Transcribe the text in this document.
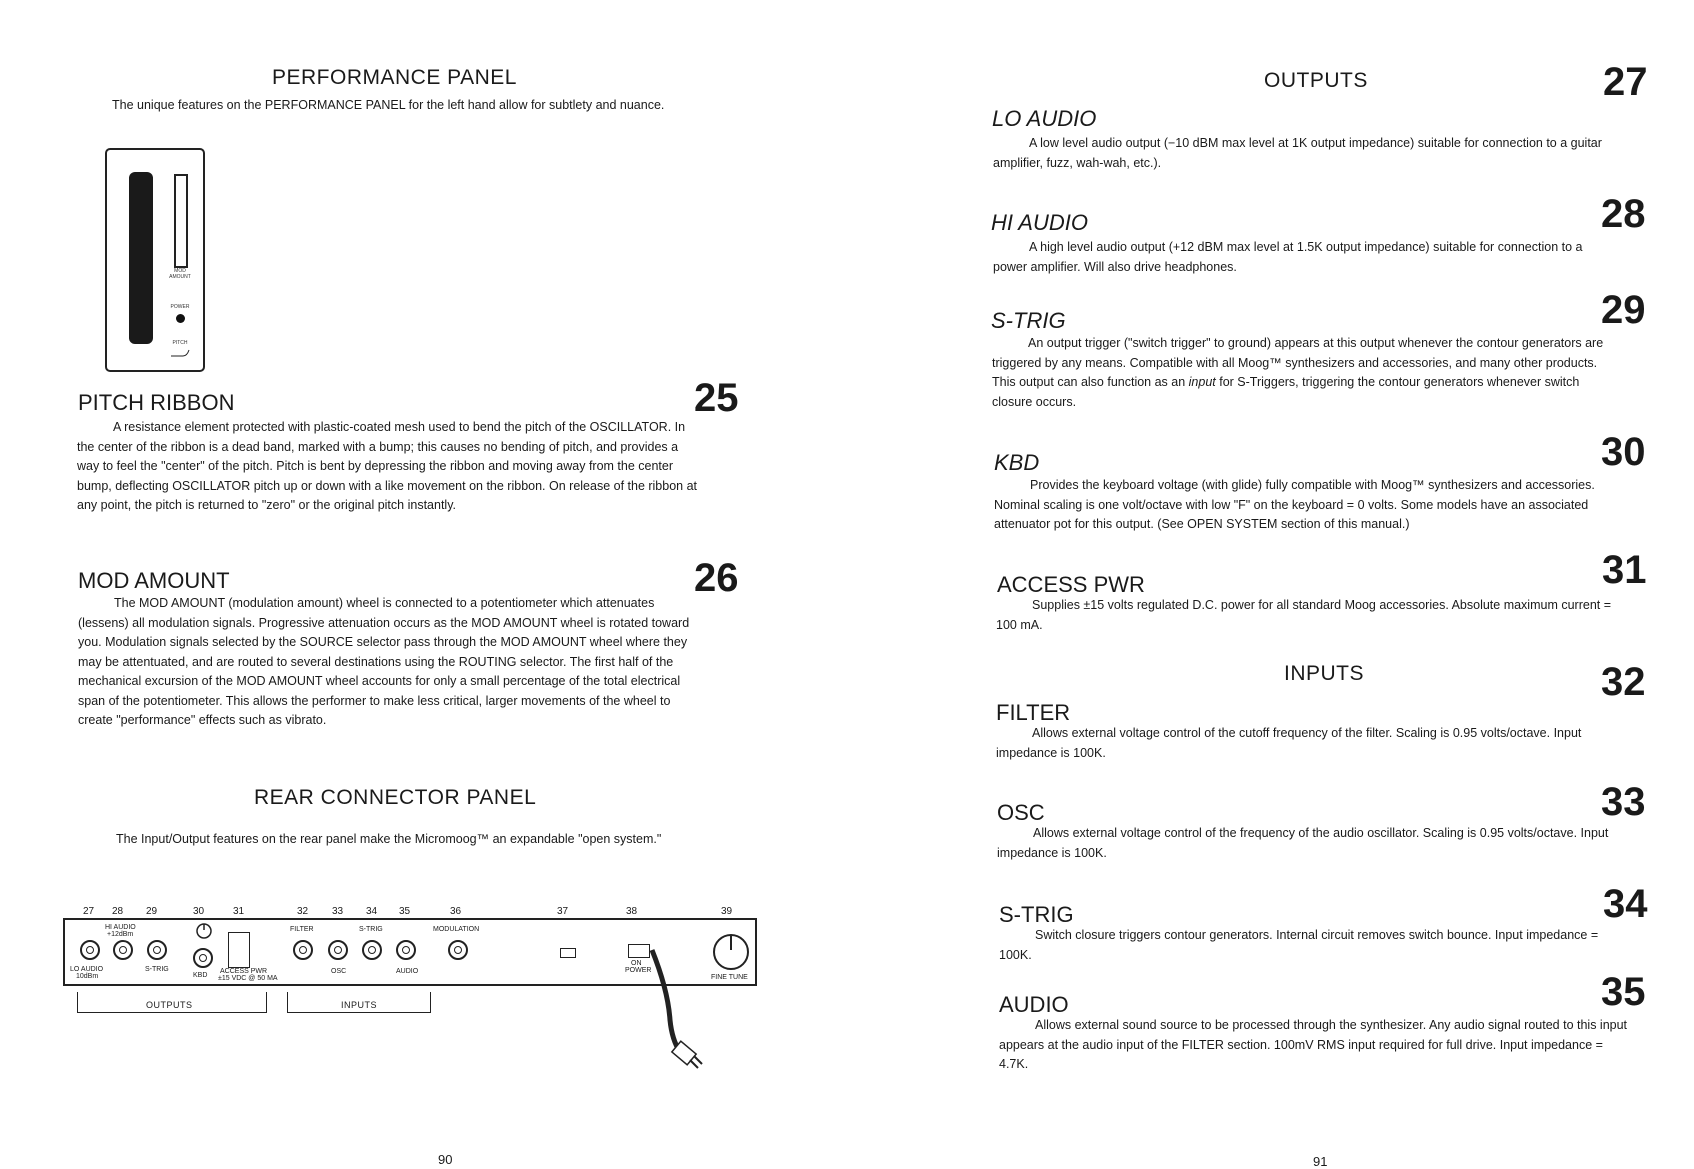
PERFORMANCE PANEL

The unique features on the PERFORMANCE PANEL for the left hand allow for subtlety and nuance.

MOD AMOUNT
POWER
PITCH
PITCH RIBBON	25

A resistance element protected with plastic-coated mesh used to bend the pitch of the OSCILLATOR. In the center of the ribbon is a dead band, marked with a bump; this causes no bending of pitch, and provides a way to feel the "center" of the pitch. Pitch is bent by depressing the ribbon and moving away from the center bump, deflecting OSCILLATOR pitch up or down with a like movement on the ribbon. On release of the ribbon at any point, the pitch is returned to "zero" or the original pitch instantly.

MOD AMOUNT	26

The MOD AMOUNT (modulation amount) wheel is connected to a potentiometer which attenuates (lessens) all modulation signals. Progressive attenuation occurs as the MOD AMOUNT wheel is rotated toward you. Modulation signals selected by the SOURCE selector pass through the MOD AMOUNT wheel where they may be attentuated, and are routed to several destinations using the ROUTING selector. The first half of the mechanical excursion of the MOD AMOUNT wheel accounts for only a small percentage of the total electrical span of the potentiometer. This allows the performer to make less critical, larger movements of the wheel to create "performance" effects such as vibrato.

REAR CONNECTOR PANEL

The Input/Output features on the rear panel make the Micromoog™ an expandable "open system."

27 28 29	30	31	32 33 34 35	36	37	38	39
HI AUDIO
+12dBm
LO AUDIO
10dBm
S-TRIG
KBD
ACCESS PWR
±15 VDC @ 50 MA
FILTER
OSC
S-TRIG
AUDIO
MODULATION
ON
POWER
FINE TUNE
OUTPUTS	INPUTS
90
OUTPUTS	27
LO AUDIO

A low level audio output (−10 dBM max level at 1K output impedance) suitable for connection to a guitar amplifier, fuzz, wah-wah, etc.).

28
HI AUDIO

A high level audio output (+12 dBM max level at 1.5K output impedance) suitable for connection to a power amplifier. Will also drive headphones.

29
S-TRIG

An output trigger ("switch trigger" to ground) appears at this output whenever the contour generators are triggered by any means. Compatible with all Moog™ synthesizers and accessories, and many other products. This output can also function as an input for S-Triggers, triggering the contour generators whenever switch closure occurs.

30
KBD

Provides the keyboard voltage (with glide) fully compatible with Moog™ synthesizers and accessories. Nominal scaling is one volt/octave with low "F" on the keyboard = 0 volts. Some models have an associated attenuator pot for this output. (See OPEN SYSTEM section of this manual.)

31
ACCESS PWR

Supplies ±15 volts regulated D.C. power for all standard Moog accessories. Absolute maximum current = 100 mA.

INPUTS	32
FILTER

Allows external voltage control of the cutoff frequency of the filter. Scaling is 0.95 volts/octave. Input impedance is 100K.

33
OSC

Allows external voltage control of the frequency of the audio oscillator. Scaling is 0.95 volts/octave. Input impedance is 100K.

34
S-TRIG

Switch closure triggers contour generators. Internal circuit removes switch bounce. Input impedance = 100K.

35
AUDIO

Allows external sound source to be processed through the synthesizer. Any audio signal routed to this input appears at the audio input of the FILTER section. 100mV RMS input required for full drive. Input impedance = 4.7K.

91
